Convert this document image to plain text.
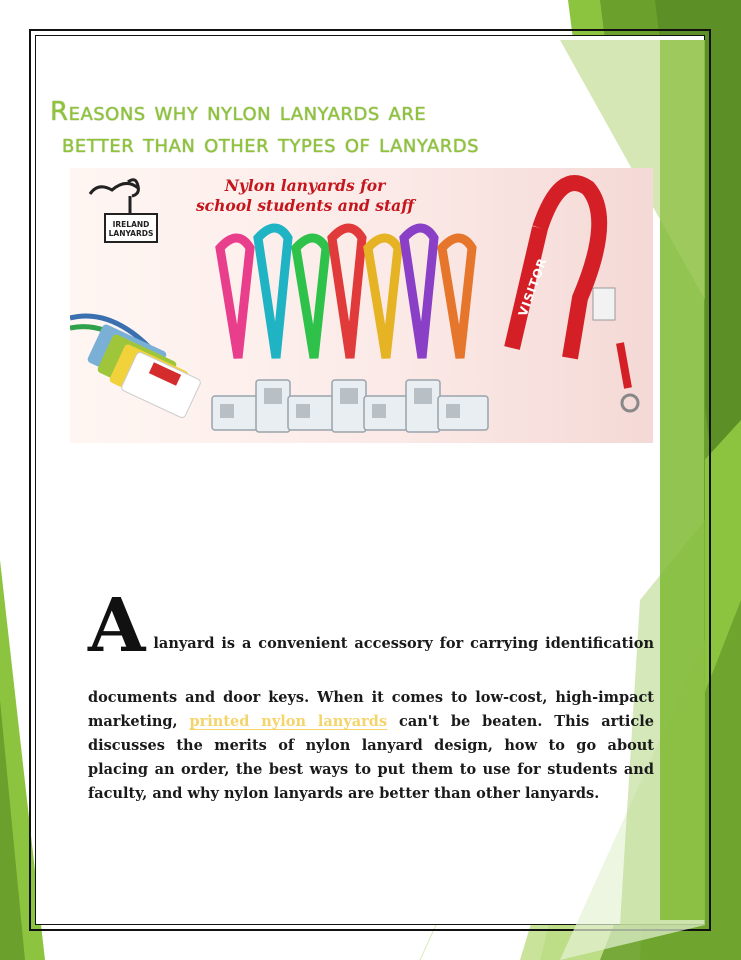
Reasons why nylon lanyards are
better than other types of lanyards
Nylon lanyards for
school students and staff
IRELAND
LANYARDS
VISITOR
A lanyard is a convenient accessory for carrying identification
documents and door keys. When it comes to low-cost, high-impact marketing, printed nylon lanyards can't be beaten. This article discusses the merits of nylon lanyard design, how to go about placing an order, the best ways to put them to use for students and faculty, and why nylon lanyards are better than other lanyards.
